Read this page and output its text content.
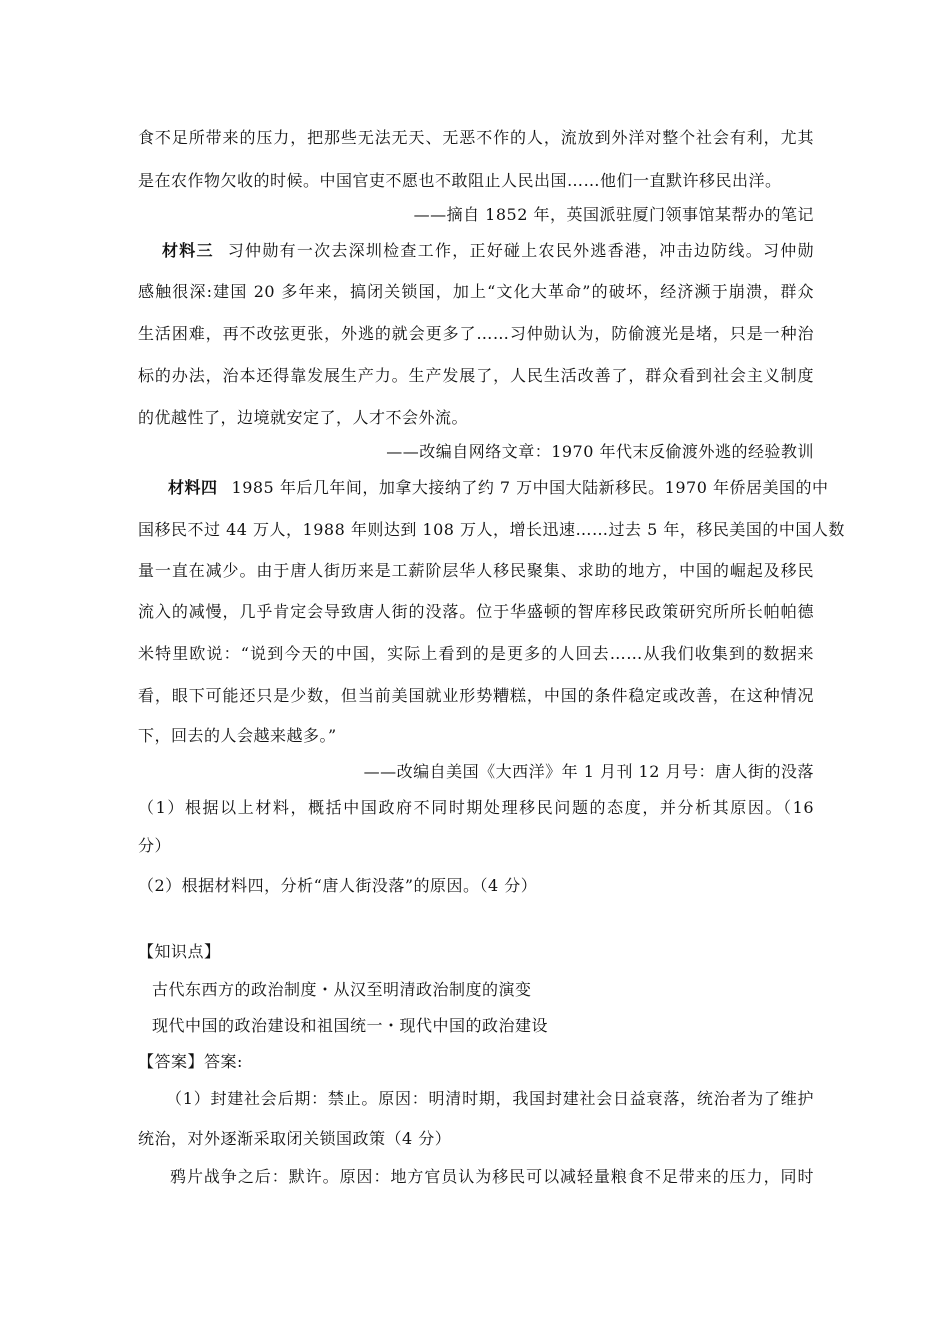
食不足所带来的压力，把那些无法无天、无恶不作的人，流放到外洋对整个社会有利，尤其
是在农作物欠收的时候。中国官吏不愿也不敢阻止人民出国……他们一直默许移民出洋。
——摘自 1852 年，英国派驻厦门领事馆某帮办的笔记
材料三 习仲勋有一次去深圳检查工作，正好碰上农民外逃香港，冲击边防线。习仲勋
感触很深:建国 20 多年来，搞闭关锁国，加上“文化大革命”的破坏，经济濒于崩溃，群众
生活困难，再不改弦更张，外逃的就会更多了……习仲勋认为，防偷渡光是堵，只是一种治
标的办法，治本还得靠发展生产力。生产发展了，人民生活改善了，群众看到社会主义制度
的优越性了，边境就安定了，人才不会外流。
——改编自网络文章：1970 年代末反偷渡外逃的经验教训
材料四 1985 年后几年间，加拿大接纳了约 7 万中国大陆新移民。1970 年侨居美国的中
国移民不过 44 万人，1988 年则达到 108 万人，增长迅速……过去 5 年，移民美国的中国人数
量一直在减少。由于唐人街历来是工薪阶层华人移民聚集、求助的地方，中国的崛起及移民
流入的减慢，几乎肯定会导致唐人街的没落。位于华盛顿的智库移民政策研究所所长帕帕德
米特里欧说：“说到今天的中国，实际上看到的是更多的人回去……从我们收集到的数据来
看，眼下可能还只是少数，但当前美国就业形势糟糕，中国的条件稳定或改善，在这种情况
下，回去的人会越来越多。”
——改编自美国《大西洋》年 1 月刊 12 月号：唐人街的没落
（1）根据以上材料，概括中国政府不同时期处理移民问题的态度，并分析其原因。（16
分）
（2）根据材料四，分析“唐人街没落”的原因。（4 分）
【知识点】
古代东西方的政治制度・从汉至明清政治制度的演变
现代中国的政治建设和祖国统一・现代中国的政治建设
【答案】答案:
（1）封建社会后期：禁止。原因：明清时期，我国封建社会日益衰落，统治者为了维护
统治，对外逐渐采取闭关锁国政策（4 分）
鸦片战争之后：默许。原因：地方官员认为移民可以减轻量粮食不足带来的压力，同时
